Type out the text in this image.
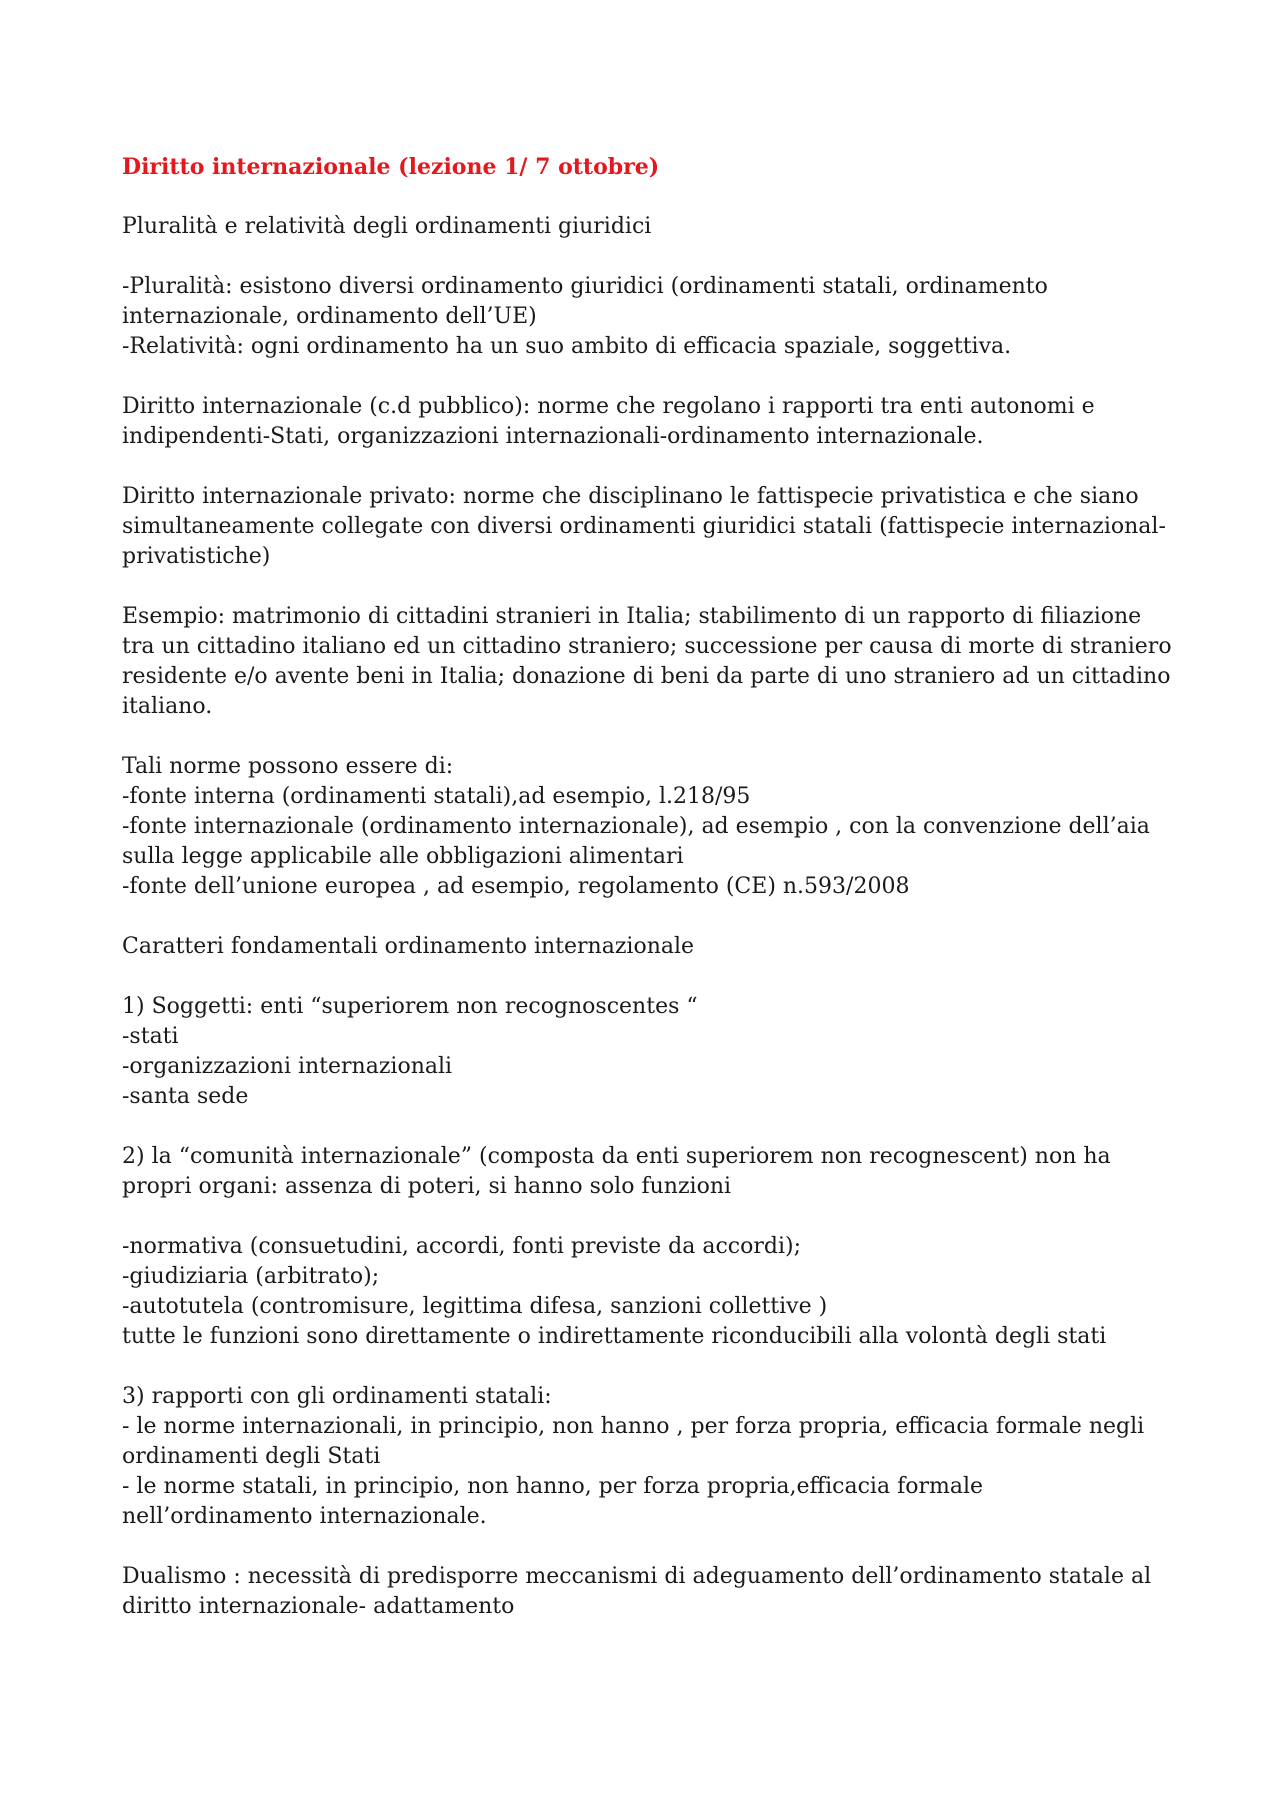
Diritto internazionale (lezione 1/ 7 ottobre)
Pluralità e relatività degli ordinamenti giuridici
-Pluralità: esistono diversi ordinamento giuridici (ordinamenti statali, ordinamento
internazionale, ordinamento dell’UE)
-Relatività: ogni ordinamento ha un suo ambito di efficacia spaziale, soggettiva.
Diritto internazionale (c.d pubblico): norme che regolano i rapporti tra enti autonomi e
indipendenti-Stati, organizzazioni internazionali-ordinamento internazionale.
Diritto internazionale privato: norme che disciplinano le fattispecie privatistica e che siano
simultaneamente collegate con diversi ordinamenti giuridici statali (fattispecie internazional-
privatistiche)
Esempio: matrimonio di cittadini stranieri in Italia; stabilimento di un rapporto di filiazione
tra un cittadino italiano ed un cittadino straniero; successione per causa di morte di straniero
residente e/o avente beni in Italia; donazione di beni da parte di uno straniero ad un cittadino
italiano.
Tali norme possono essere di:
-fonte interna (ordinamenti statali),ad esempio, l.218/95
-fonte internazionale (ordinamento internazionale), ad esempio , con la convenzione dell’aia
sulla legge applicabile alle obbligazioni alimentari
-fonte dell’unione europea , ad esempio, regolamento (CE) n.593/2008
Caratteri fondamentali ordinamento internazionale
1) Soggetti: enti “superiorem non recognoscentes “
-stati
-organizzazioni internazionali
-santa sede
2) la “comunità internazionale” (composta da enti superiorem non recognescent) non ha
propri organi: assenza di poteri, si hanno solo funzioni
-normativa (consuetudini, accordi, fonti previste da accordi);
-giudiziaria (arbitrato);
-autotutela (contromisure, legittima difesa, sanzioni collettive )
tutte le funzioni sono direttamente o indirettamente riconducibili alla volontà degli stati
3) rapporti con gli ordinamenti statali:
- le norme internazionali, in principio, non hanno , per forza propria, efficacia formale negli
ordinamenti degli Stati
- le norme statali, in principio, non hanno, per forza propria,efficacia formale
nell’ordinamento internazionale.
Dualismo : necessità di predisporre meccanismi di adeguamento dell’ordinamento statale al
diritto internazionale- adattamento
